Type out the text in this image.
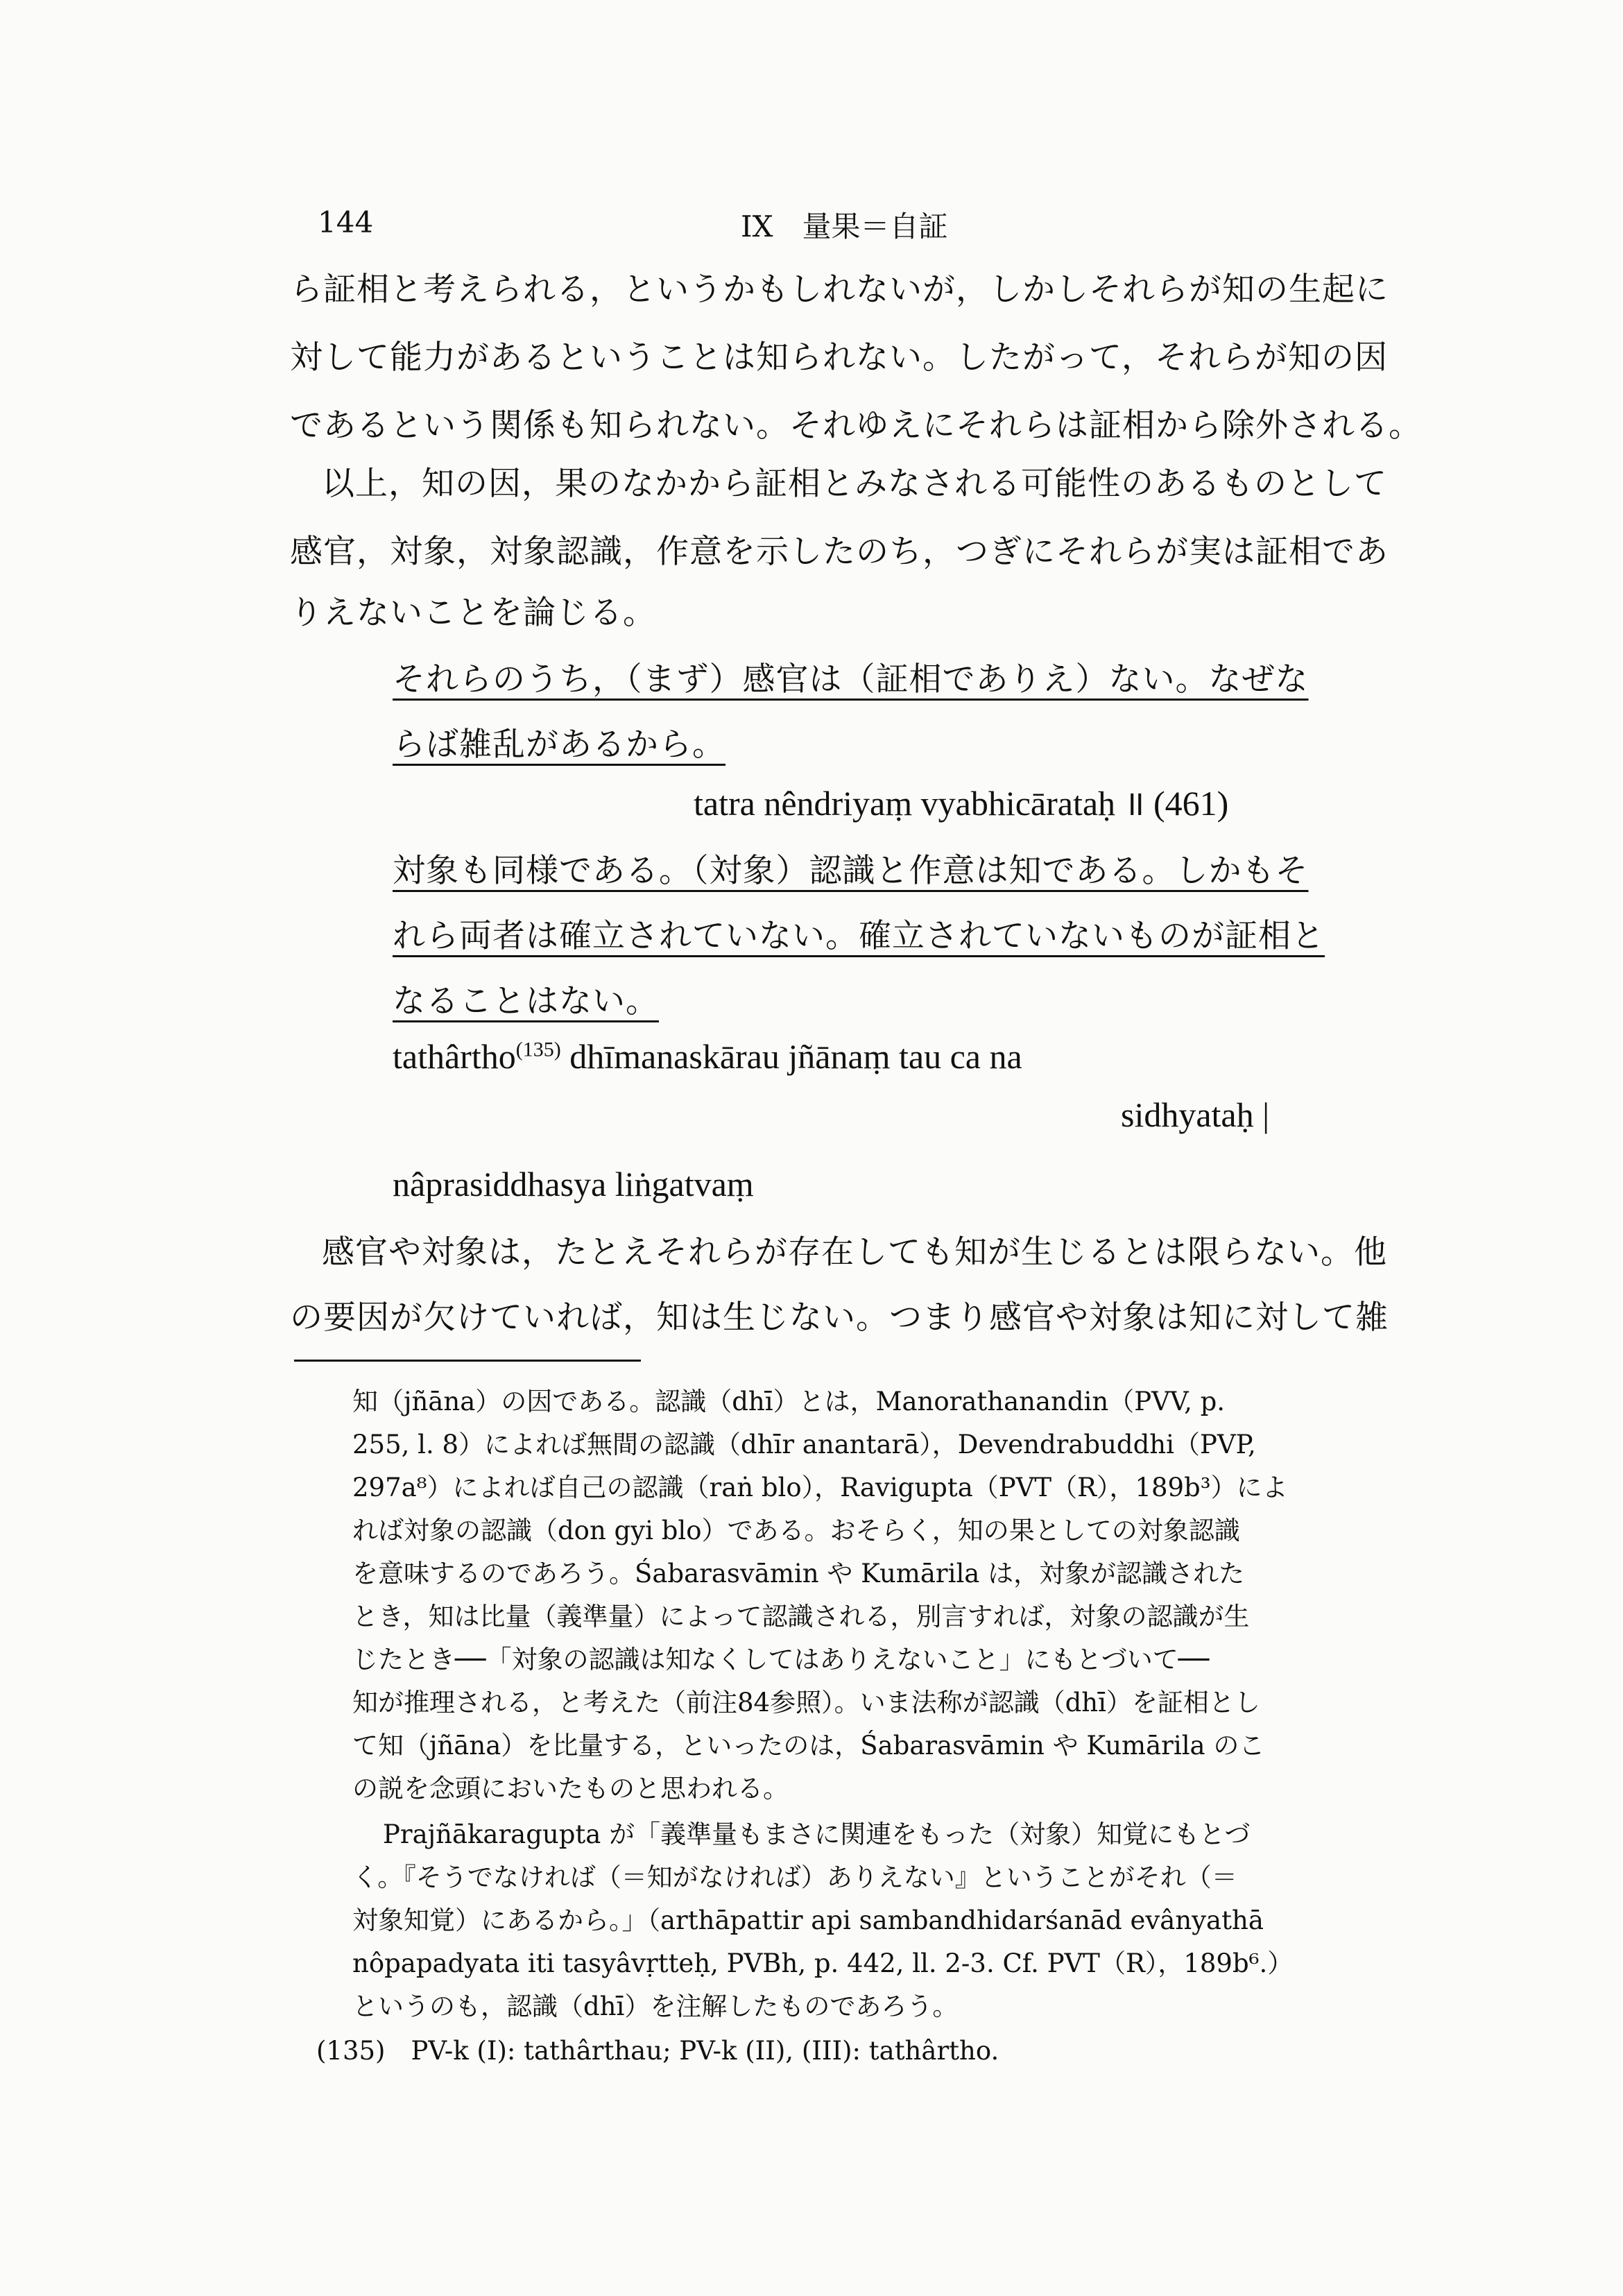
144	IX　量果＝自証
ら証相と考えられる，というかもしれないが，しかしそれらが知の生起に
対して能力があるということは知られない。したがって，それらが知の因
であるという関係も知られない。それゆえにそれらは証相から除外される。
以上，知の因，果のなかから証相とみなされる可能性のあるものとして
感官，対象，対象認識，作意を示したのち，つぎにそれらが実は証相であ
りえないことを論じる。
それらのうち，（まず）感官は（証相でありえ）ない。なぜな
らば雑乱があるから。
tatra nêndriyaṃ vyabhicārataḥ ॥ (461)
対象も同様である。（対象）認識と作意は知である。しかもそ
れら両者は確立されていない。確立されていないものが証相と
なることはない。
tathârtho$^{(135)}$ dhīmanaskārau jñānaṃ tau ca na
sidhyataḥ |
nâprasiddhasya liṅgatvaṃ
感官や対象は，たとえそれらが存在しても知が生じるとは限らない。他
の要因が欠けていれば，知は生じない。つまり感官や対象は知に対して雑
知（jñāna）の因である。認識（dhī）とは，Manorathanandin（PVV, p.
255, l. 8）によれば無間の認識（dhīr anantarā），Devendrabuddhi（PVP,
297a⁸）によれば自己の認識（raṅ blo），Ravigupta（PVT（R），189b³）によ
れば対象の認識（don gyi blo）である。おそらく，知の果としての対象認識
を意味するのであろう。Śabarasvāmin や Kumārila は，対象が認識された
とき，知は比量（義準量）によって認識される，別言すれば，対象の認識が生
じたとき──「対象の認識は知なくしてはありえないこと」にもとづいて──
知が推理される，と考えた（前注84参照）。いま法称が認識（dhī）を証相とし
て知（jñāna）を比量する，といったのは，Śabarasvāmin や Kumārila のこ
の説を念頭においたものと思われる。
Prajñākaragupta が「義準量もまさに関連をもった（対象）知覚にもとづ
く。『そうでなければ（＝知がなければ）ありえない』ということがそれ（＝
対象知覚）にあるから。」（arthāpattir api sambandhidarśanād evânyathā
nôpapadyata iti tasyâvṛtteḥ, PVBh, p. 442, ll. 2-3. Cf. PVT（R），189b⁶.）
というのも，認識（dhī）を注解したものであろう。
(135)　PV-k (I): tathârthau; PV-k (II), (III): tathârtho.
